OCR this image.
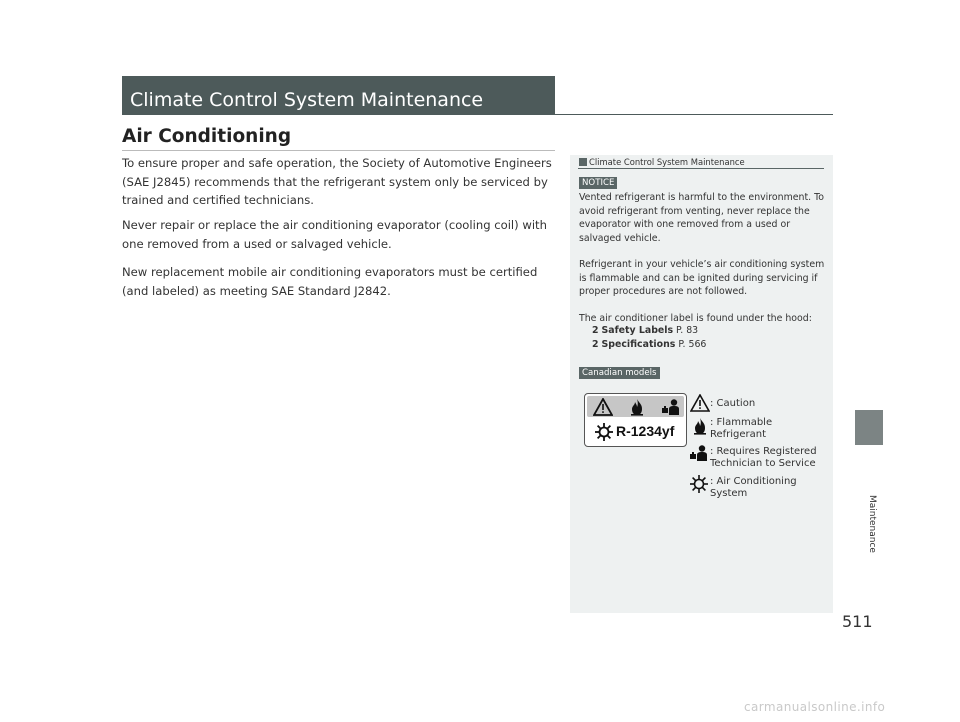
Climate Control System Maintenance
Air Conditioning

To ensure proper and safe operation, the Society of Automotive Engineers (SAE J2845) recommends that the refrigerant system only be serviced by trained and certified technicians.

Never repair or replace the air conditioning evaporator (cooling coil) with one removed from a used or salvaged vehicle.

New replacement mobile air conditioning evaporators must be certified (and labeled) as meeting SAE Standard J2842.

Climate Control System Maintenance
NOTICE

Vented refrigerant is harmful to the environment. To avoid refrigerant from venting, never replace the evaporator with one removed from a used or salvaged vehicle.

Refrigerant in your vehicle’s air conditioning system is flammable and can be ignited during servicing if proper procedures are not followed.

The air conditioner label is found under the hood:

2 Safety Labels P. 83
2 Specifications P. 566
Canadian models
R-1234yf
: Caution
: Flammable Refrigerant
: Requires Registered Technician to Service
: Air Conditioning System
Maintenance
511
carmanualsonline.info
